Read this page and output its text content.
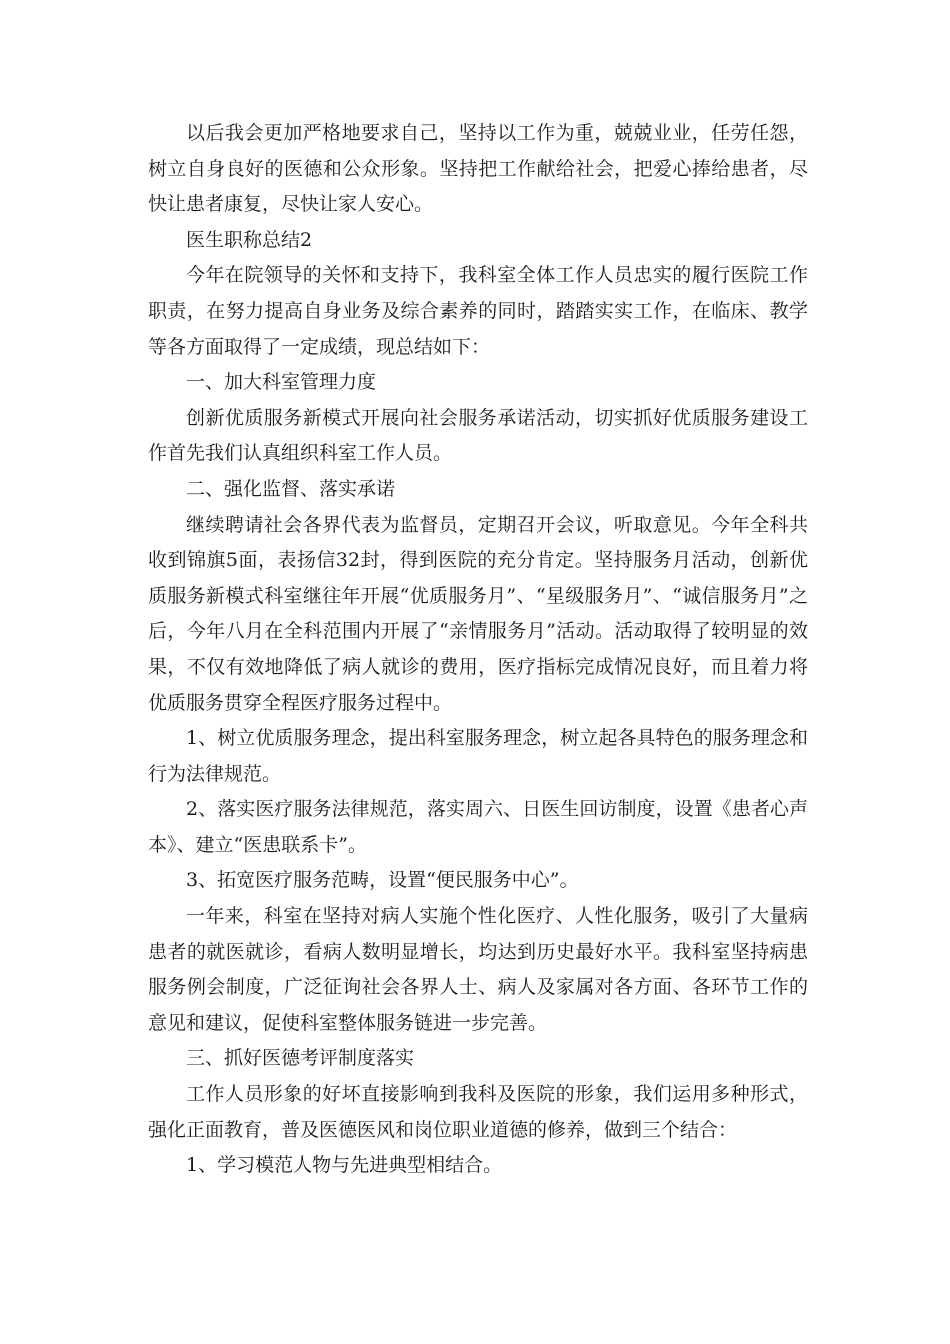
以后我会更加严格地要求自己，坚持以工作为重，兢兢业业，任劳任怨，树立自身良好的医德和公众形象。坚持把工作献给社会，把爱心捧给患者，尽快让患者康复，尽快让家人安心。

医生职称总结2

今年在院领导的关怀和支持下，我科室全体工作人员忠实的履行医院工作职责，在努力提高自身业务及综合素养的同时，踏踏实实工作，在临床、教学等各方面取得了一定成绩，现总结如下：

一、加大科室管理力度

创新优质服务新模式开展向社会服务承诺活动，切实抓好优质服务建设工作首先我们认真组织科室工作人员。

二、强化监督、落实承诺

继续聘请社会各界代表为监督员，定期召开会议，听取意见。今年全科共收到锦旗5面，表扬信32封，得到医院的充分肯定。坚持服务月活动，创新优质服务新模式科室继往年开展“优质服务月”、“星级服务月”、“诚信服务月”之后，今年八月在全科范围内开展了“亲情服务月”活动。活动取得了较明显的效果，不仅有效地降低了病人就诊的费用，医疗指标完成情况良好，而且着力将优质服务贯穿全程医疗服务过程中。

1、树立优质服务理念，提出科室服务理念，树立起各具特色的服务理念和行为法律规范。

2、落实医疗服务法律规范，落实周六、日医生回访制度，设置《患者心声本》、建立“医患联系卡”。

3、拓宽医疗服务范畴，设置“便民服务中心”。

一年来，科室在坚持对病人实施个性化医疗、人性化服务，吸引了大量病患者的就医就诊，看病人数明显增长，均达到历史最好水平。我科室坚持病患服务例会制度，广泛征询社会各界人士、病人及家属对各方面、各环节工作的意见和建议，促使科室整体服务链进一步完善。

三、抓好医德考评制度落实

工作人员形象的好坏直接影响到我科及医院的形象，我们运用多种形式，强化正面教育，普及医德医风和岗位职业道德的修养，做到三个结合：

1、学习模范人物与先进典型相结合。
